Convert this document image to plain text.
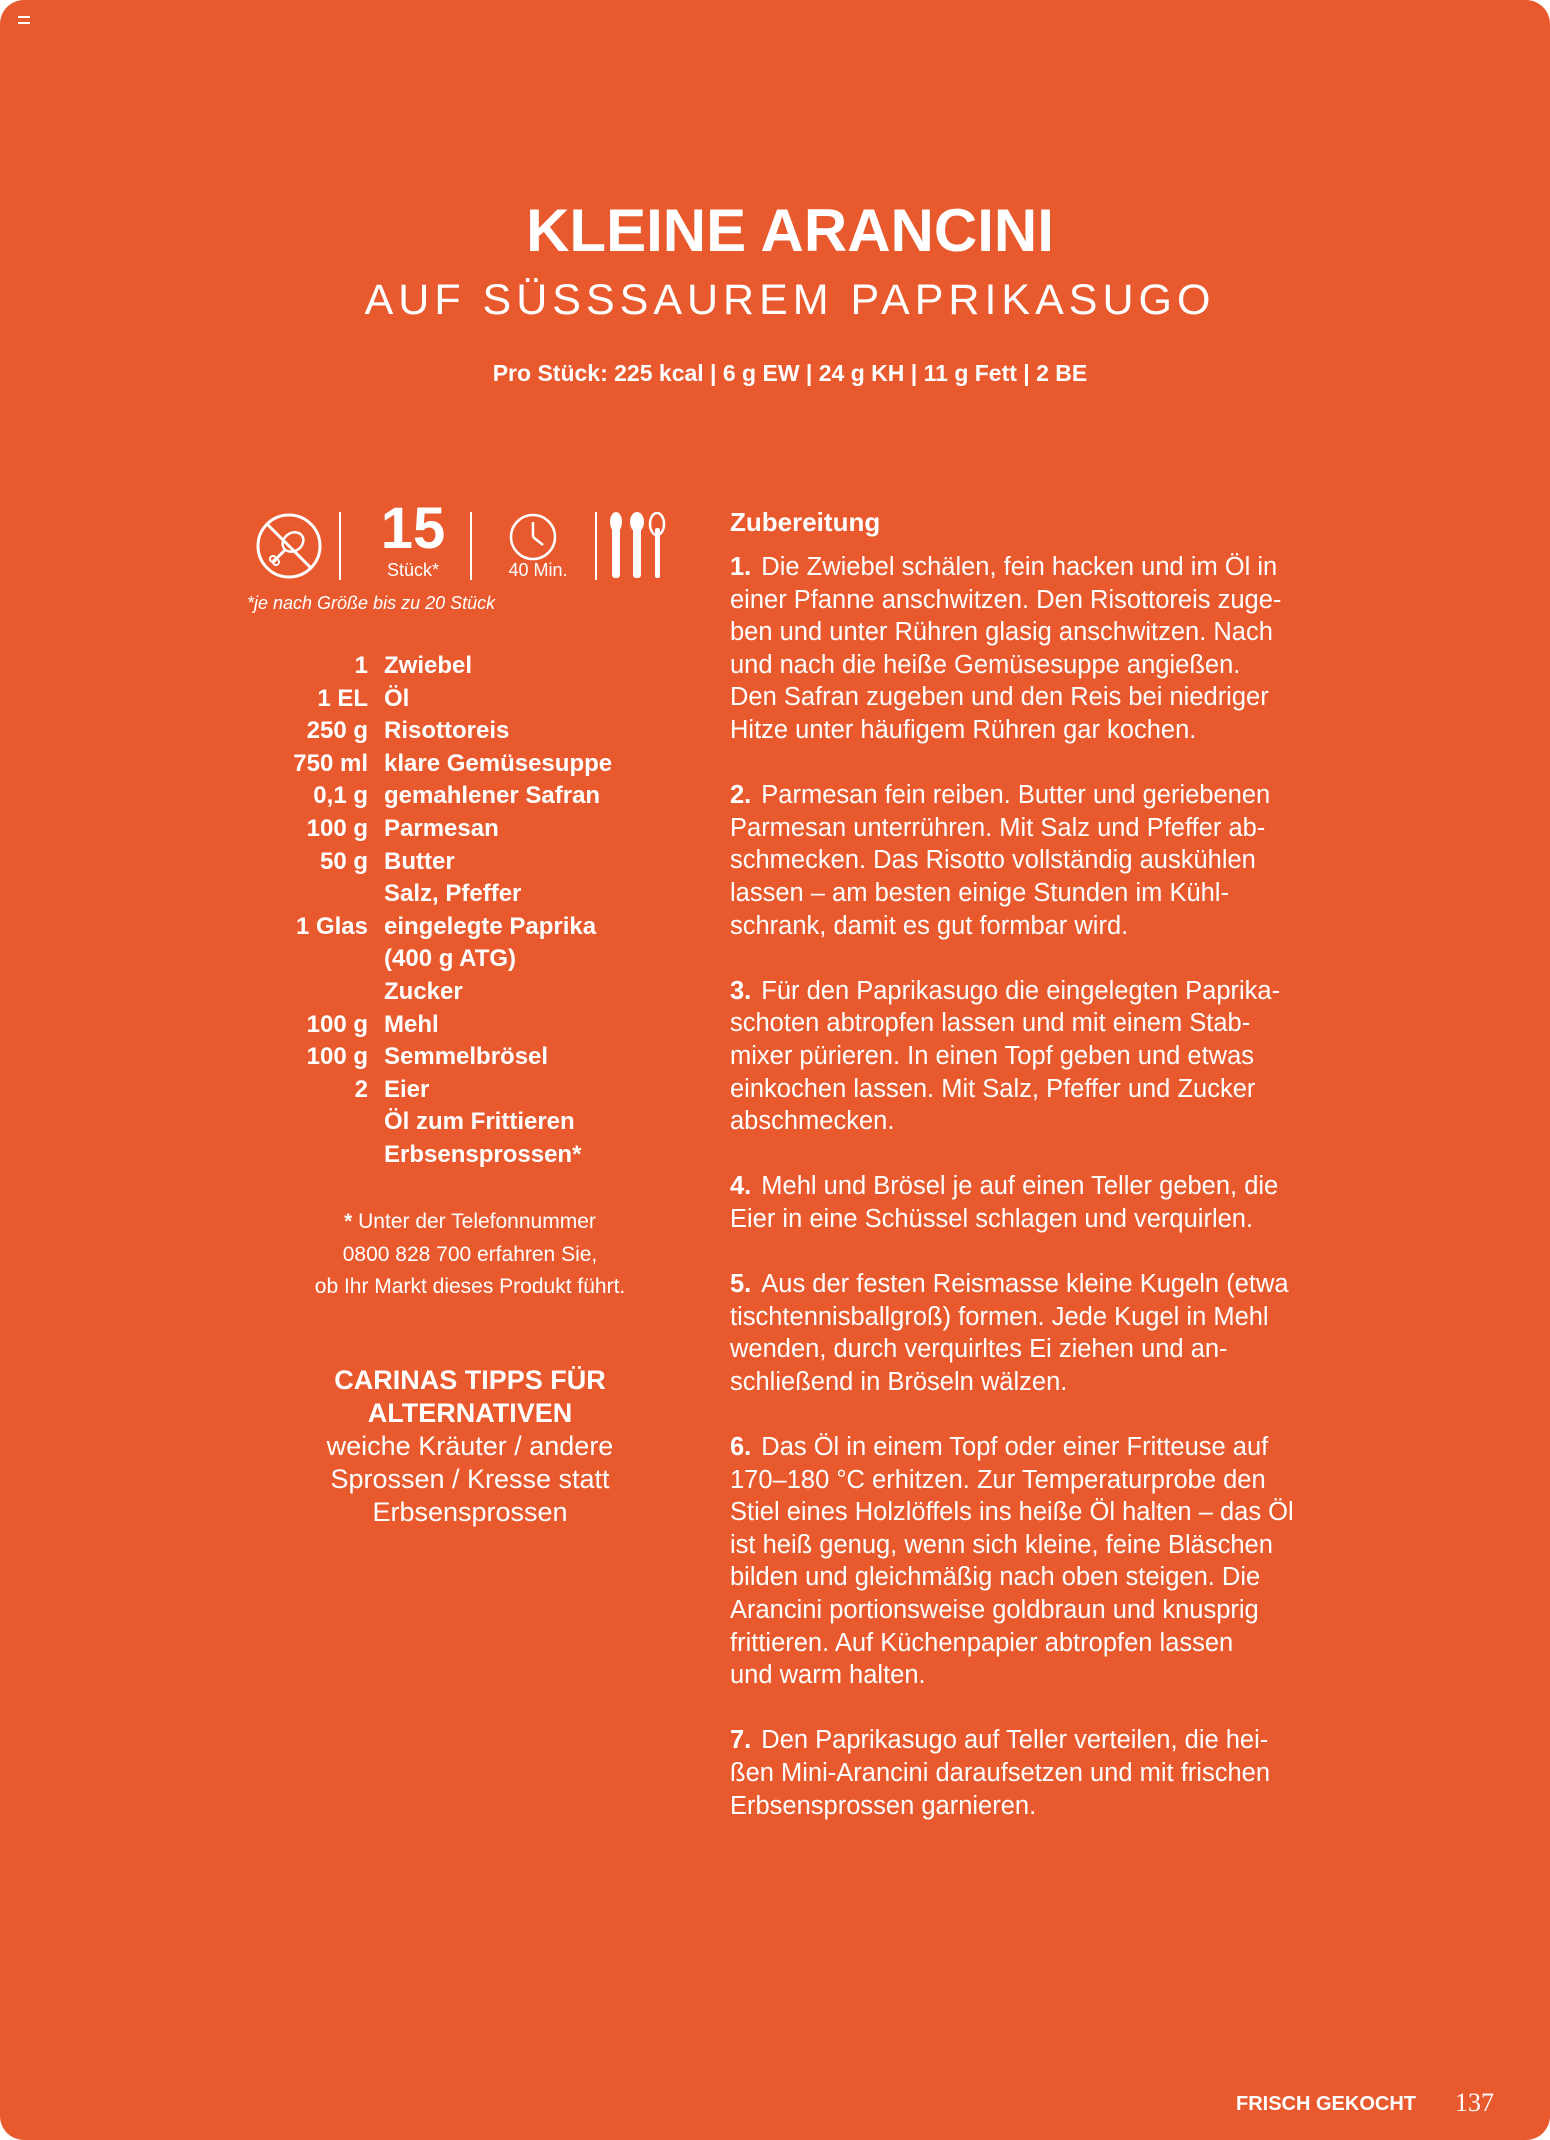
KLEINE ARANCINI
AUF SÜSSSAUREM PAPRIKASUGO
Pro Stück: 225 kcal | 6 g EW | 24 g KH | 11 g Fett | 2 BE
15
Stück*	40 Min.
*je nach Größe bis zu 20 Stück
1 Zwiebel
1 EL Öl
250 g Risottoreis
750 ml klare Gemüsesuppe
0,1 g gemahlener Safran
100 g Parmesan
50 g Butter
Salz, Pfeffer
1 Glas eingelegte Paprika
(400 g ATG)
Zucker
100 g Mehl
100 g Semmelbrösel
2 Eier
Öl zum Frittieren
Erbsensprossen*
* Unter der Telefonnummer
0800 828 700 erfahren Sie,
ob Ihr Markt dieses Produkt führt.
CARINAS TIPPS FÜR
ALTERNATIVEN
weiche Kräuter / andere
Sprossen / Kresse statt
Erbsensprossen
Zubereitung
1. Die Zwiebel schälen, fein hacken und im Öl in
einer Pfanne anschwitzen. Den Risottoreis zuge-
ben und unter Rühren glasig anschwitzen. Nach
und nach die heiße Gemüsesuppe angießen.
Den Safran zugeben und den Reis bei niedriger
Hitze unter häufigem Rühren gar kochen.
2. Parmesan fein reiben. Butter und geriebenen
Parmesan unterrühren. Mit Salz und Pfeffer ab-
schmecken. Das Risotto vollständig auskühlen
lassen – am besten einige Stunden im Kühl-
schrank, damit es gut formbar wird.
3. Für den Paprikasugo die eingelegten Paprika-
schoten abtropfen lassen und mit einem Stab-
mixer pürieren. In einen Topf geben und etwas
einkochen lassen. Mit Salz, Pfeffer und Zucker
abschmecken.
4. Mehl und Brösel je auf einen Teller geben, die
Eier in eine Schüssel schlagen und verquirlen.
5. Aus der festen Reismasse kleine Kugeln (etwa
tischtennisballgroß) formen. Jede Kugel in Mehl
wenden, durch verquirltes Ei ziehen und an-
schließend in Bröseln wälzen.
6. Das Öl in einem Topf oder einer Fritteuse auf
170–180 °C erhitzen. Zur Temperaturprobe den
Stiel eines Holzlöffels ins heiße Öl halten – das Öl
ist heiß genug, wenn sich kleine, feine Bläschen
bilden und gleichmäßig nach oben steigen. Die
Arancini portionsweise goldbraun und knusprig
frittieren. Auf Küchenpapier abtropfen lassen
und warm halten.
7. Den Paprikasugo auf Teller verteilen, die hei-
ßen Mini-Arancini daraufsetzen und mit frischen
Erbsensprossen garnieren.
FRISCH GEKOCHT 137
